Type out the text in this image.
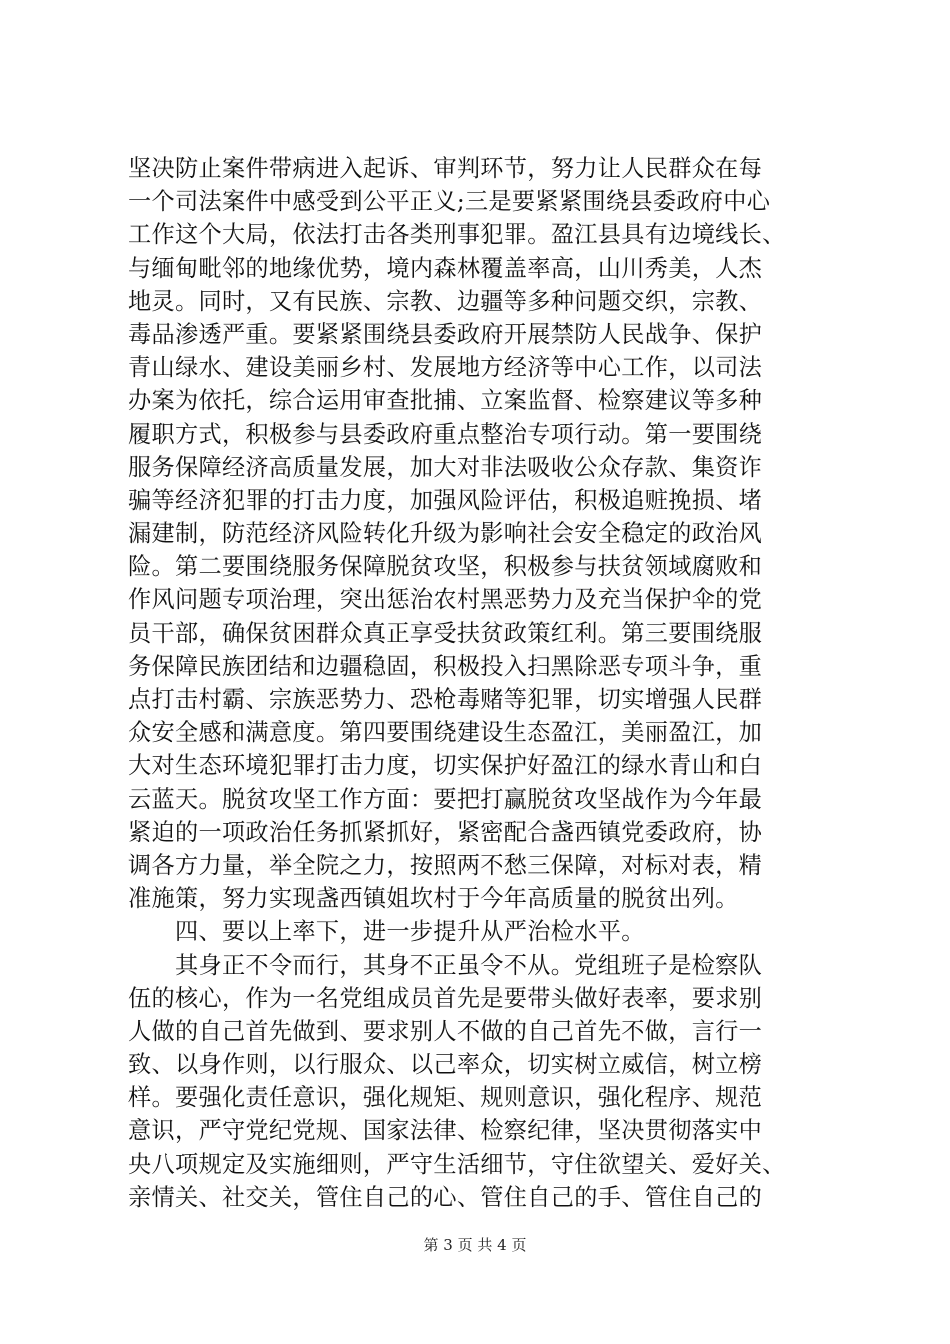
坚决防止案件带病进入起诉、审判环节，努力让人民群众在每
一个司法案件中感受到公平正义;三是要紧紧围绕县委政府中心
工作这个大局，依法打击各类刑事犯罪。盈江县具有边境线长、
与缅甸毗邻的地缘优势，境内森林覆盖率高，山川秀美，人杰
地灵。同时，又有民族、宗教、边疆等多种问题交织，宗教、
毒品渗透严重。要紧紧围绕县委政府开展禁防人民战争、保护
青山绿水、建设美丽乡村、发展地方经济等中心工作，以司法
办案为依托，综合运用审查批捕、立案监督、检察建议等多种
履职方式，积极参与县委政府重点整治专项行动。第一要围绕
服务保障经济高质量发展，加大对非法吸收公众存款、集资诈
骗等经济犯罪的打击力度，加强风险评估，积极追赃挽损、堵
漏建制，防范经济风险转化升级为影响社会安全稳定的政治风
险。第二要围绕服务保障脱贫攻坚，积极参与扶贫领域腐败和
作风问题专项治理，突出惩治农村黑恶势力及充当保护伞的党
员干部，确保贫困群众真正享受扶贫政策红利。第三要围绕服
务保障民族团结和边疆稳固，积极投入扫黑除恶专项斗争，重
点打击村霸、宗族恶势力、恐枪毒赌等犯罪，切实增强人民群
众安全感和满意度。第四要围绕建设生态盈江，美丽盈江，加
大对生态环境犯罪打击力度，切实保护好盈江的绿水青山和白
云蓝天。脱贫攻坚工作方面：要把打赢脱贫攻坚战作为今年最
紧迫的一项政治任务抓紧抓好，紧密配合盏西镇党委政府，协
调各方力量，举全院之力，按照两不愁三保障，对标对表，精
准施策，努力实现盏西镇姐坎村于今年高质量的脱贫出列。
　　四、要以上率下，进一步提升从严治检水平。
　　其身正不令而行，其身不正虽令不从。党组班子是检察队
伍的核心，作为一名党组成员首先是要带头做好表率，要求别
人做的自己首先做到、要求别人不做的自己首先不做，言行一
致、以身作则，以行服众、以己率众，切实树立威信，树立榜
样。要强化责任意识，强化规矩、规则意识，强化程序、规范
意识，严守党纪党规、国家法律、检察纪律，坚决贯彻落实中
央八项规定及实施细则，严守生活细节，守住欲望关、爱好关、
亲情关、社交关，管住自己的心、管住自己的手、管住自己的
第 3 页 共 4 页
